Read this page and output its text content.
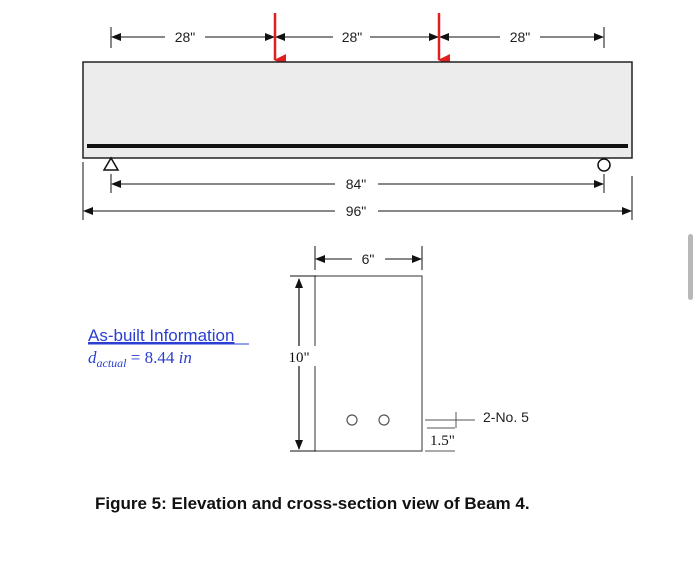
28"	28"	28"
84"
96"
6"
10"
2-No. 5
1.5"
As-built Information
$d_{actual} = 8.44$ in
Figure 5: Elevation and cross-section view of Beam 4.
